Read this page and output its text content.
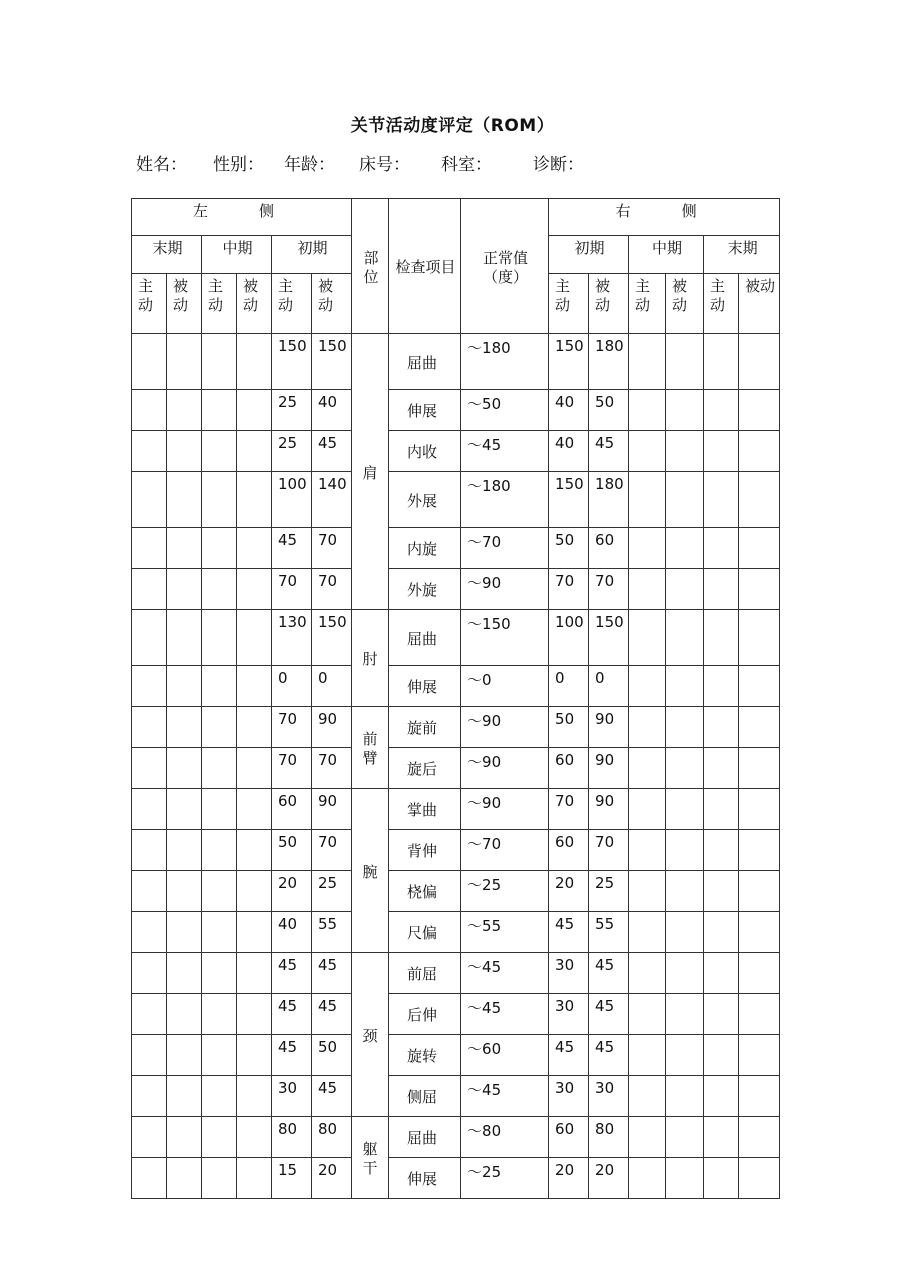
关节活动度评定（ROM）
姓名： 性别： 年龄： 床号： 科室： 诊断：
左　侧						部位	检查项目	正常值（度）	右　侧					
末期		中期		初期					初期		中期		末期	
主动	被动	主动	被动	主动	被动				主动	被动	主动	被动	主动	被动
				150	150	肩	屈曲	～180	150	180				
				25	40		伸展	～50	40	50				
				25	45		内收	～45	40	45				
				100	140		外展	～180	150	180				
				45	70		内旋	～70	50	60				
				70	70		外旋	～90	70	70				
				130	150	肘	屈曲	～150	100	150				
				0	0		伸展	～0	0	0				
				70	90	前臂	旋前	～90	50	90				
				70	70		旋后	～90	60	90				
				60	90	腕	掌曲	～90	70	90				
				50	70		背伸	～70	60	70				
				20	25		桡偏	～25	20	25				
				40	55		尺偏	～55	45	55				
				45	45	颈	前屈	～45	30	45				
				45	45		后伸	～45	30	45				
				45	50		旋转	～60	45	45				
				30	45		侧屈	～45	30	30				
				80	80	躯干	屈曲	～80	60	80				
				15	20		伸展	～25	20	20				
